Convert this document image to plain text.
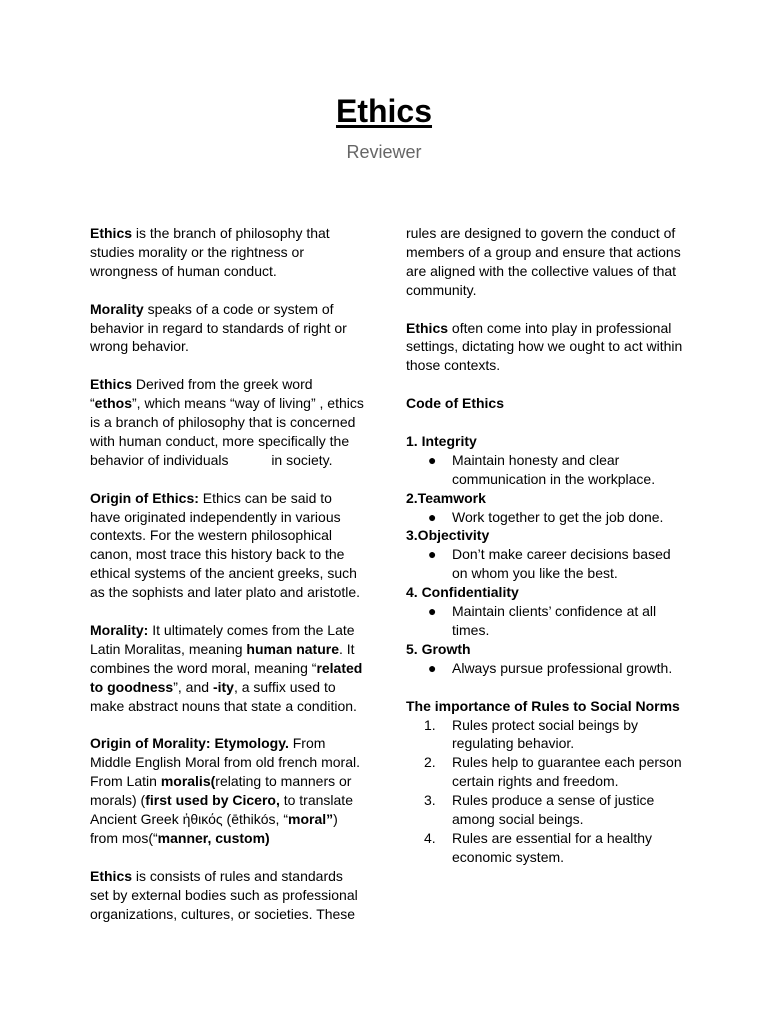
Ethics
Reviewer

Ethics is the branch of philosophy that studies morality or the rightness or wrongness of human conduct.

Morality speaks of a code or system of behavior in regard to standards of right or wrong behavior.

Ethics Derived from the greek word “ethos”, which means “way of living” , ethics is a branch of philosophy that is concerned with human conduct, more specifically the behavior of individuals           in society.

Origin of Ethics: Ethics can be said to have originated independently in various contexts. For the western philosophical canon, most trace this history back to the ethical systems of the ancient greeks, such as the sophists and later plato and aristotle.

Morality: It ultimately comes from the Late Latin Moralitas, meaning human nature. It combines the word moral, meaning “related to goodness”, and -ity, a suffix used to make abstract nouns that state a condition.

Origin of Morality: Etymology. From Middle English Moral from old french moral. From Latin moralis(relating to manners or morals) (first used by Cicero, to translate Ancient Greek ἠθικός (ēthikós, “moral”) from mos(“manner, custom)

Ethics is consists of rules and standards set by external bodies such as professional organizations, cultures, or societies. These

rules are designed to govern the conduct of members of a group and ensure that actions are aligned with the collective values of that community.

Ethics often come into play in professional settings, dictating how we ought to act within those contexts.

Code of Ethics

1. Integrity

●	Maintain honesty and clear communication in the workplace.

2.Teamwork

●	Work together to get the job done.

3.Objectivity

●	Don’t make career decisions based on whom you like the best.

4. Confidentiality

●	Maintain clients’ confidence at all times.

5. Growth

●	Always pursue professional growth.

The importance of Rules to Social Norms

1.	Rules protect social beings by regulating behavior.
2.	Rules help to guarantee each person certain rights and freedom.
3.	Rules produce a sense of justice among social beings.
4.	Rules are essential for a healthy economic system.
